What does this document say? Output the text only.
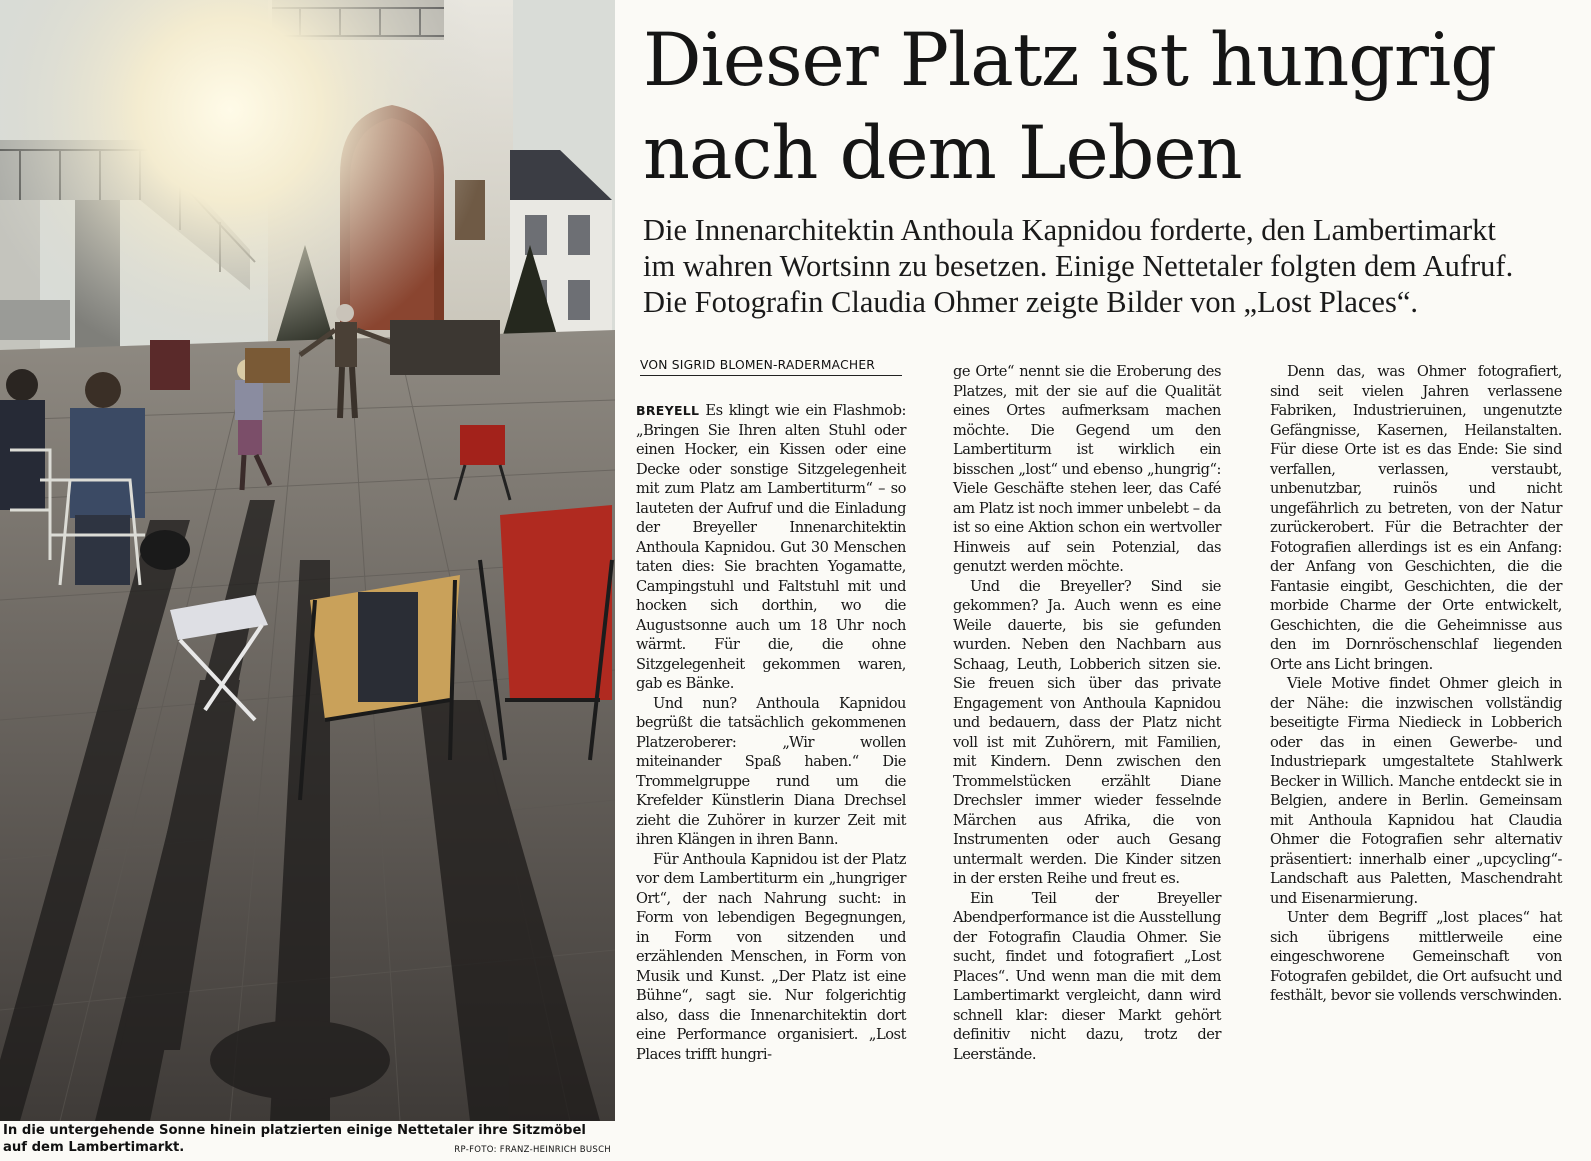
In die untergehende Sonne hinein platzierten einige Nettetaler ihre Sitzmöbel auf dem Lambertimarkt.	RP-FOTO: FRANZ-HEINRICH BUSCH
Dieser Platz ist hungrig
nach dem Leben
Die Innenarchitektin Anthoula Kapnidou forderte, den Lambertimarkt
im wahren Wortsinn zu besetzen. Einige Nettetaler folgten dem Aufruf.
Die Fotografin Claudia Ohmer zeigte Bilder von „Lost Places“.
VON SIGRID BLOMEN-RADERMACHER

BREYELL Es klingt wie ein Flashmob: „Bringen Sie Ihren alten Stuhl oder einen Hocker, ein Kissen oder eine Decke oder sonstige Sitzgelegenheit mit zum Platz am Lambertiturm“ – so lauteten der Aufruf und die Einladung der Breyeller Innenarchitektin Anthoula Kapnidou. Gut 30 Menschen taten dies: Sie brachten Yogamatte, Campingstuhl und Faltstuhl mit und hocken sich dorthin, wo die Augustsonne auch um 18 Uhr noch wärmt. Für die, die ohne Sitzgelegenheit gekommen waren, gab es Bänke.

Und nun? Anthoula Kapnidou begrüßt die tatsächlich gekommenen Platzeroberer: „Wir wollen miteinander Spaß haben.“ Die Trommelgruppe rund um die Krefelder Künstlerin Diana Drechsel zieht die Zuhörer in kurzer Zeit mit ihren Klängen in ihren Bann.

Für Anthoula Kapnidou ist der Platz vor dem Lambertiturm ein „hungriger Ort“, der nach Nahrung sucht: in Form von lebendigen Begegnungen, in Form von sitzenden und erzählenden Menschen, in Form von Musik und Kunst. „Der Platz ist eine Bühne“, sagt sie. Nur folgerichtig also, dass die Innenarchitektin dort eine Performance organisiert. „Lost Places trifft hungri-

ge Orte“ nennt sie die Eroberung des Platzes, mit der sie auf die Qualität eines Ortes aufmerksam machen möchte. Die Gegend um den Lambertiturm ist wirklich ein bisschen „lost“ und ebenso „hungrig“: Viele Geschäfte stehen leer, das Café am Platz ist noch immer unbelebt – da ist so eine Aktion schon ein wertvoller Hinweis auf sein Potenzial, das genutzt werden möchte.

Und die Breyeller? Sind sie gekommen? Ja. Auch wenn es eine Weile dauerte, bis sie gefunden wurden. Neben den Nachbarn aus Schaag, Leuth, Lobberich sitzen sie. Sie freuen sich über das private Engagement von Anthoula Kapnidou und bedauern, dass der Platz nicht voll ist mit Zuhörern, mit Familien, mit Kindern. Denn zwischen den Trommelstücken erzählt Diane Drechsler immer wieder fesselnde Märchen aus Afrika, die von Instrumenten oder auch Gesang untermalt werden. Die Kinder sitzen in der ersten Reihe und freut es.

Ein Teil der Breyeller Abendperformance ist die Ausstellung der Fotografin Claudia Ohmer. Sie sucht, findet und fotografiert „Lost Places“. Und wenn man die mit dem Lambertimarkt vergleicht, dann wird schnell klar: dieser Markt gehört definitiv nicht dazu, trotz der Leerstände.

Denn das, was Ohmer fotografiert, sind seit vielen Jahren verlassene Fabriken, Industrieruinen, ungenutzte Gefängnisse, Kasernen, Heilanstalten. Für diese Orte ist es das Ende: Sie sind verfallen, verlassen, verstaubt, unbenutzbar, ruinös und nicht ungefährlich zu betreten, von der Natur zurückerobert. Für die Betrachter der Fotografien allerdings ist es ein Anfang: der Anfang von Geschichten, die die Fantasie eingibt, Geschichten, die der morbide Charme der Orte entwickelt, Geschichten, die die Geheimnisse aus den im Dornröschenschlaf liegenden Orte ans Licht bringen.

Viele Motive findet Ohmer gleich in der Nähe: die inzwischen vollständig beseitigte Firma Niedieck in Lobberich oder das in einen Gewerbe- und Industriepark umgestaltete Stahlwerk Becker in Willich. Manche entdeckt sie in Belgien, andere in Berlin. Gemeinsam mit Anthoula Kapnidou hat Claudia Ohmer die Fotografien sehr alternativ präsentiert: innerhalb einer „upcycling“-Landschaft aus Paletten, Maschendraht und Eisenarmierung.

Unter dem Begriff „lost places“ hat sich übrigens mittlerweile eine eingeschworene Gemeinschaft von Fotografen gebildet, die Ort aufsucht und festhält, bevor sie vollends verschwinden.
